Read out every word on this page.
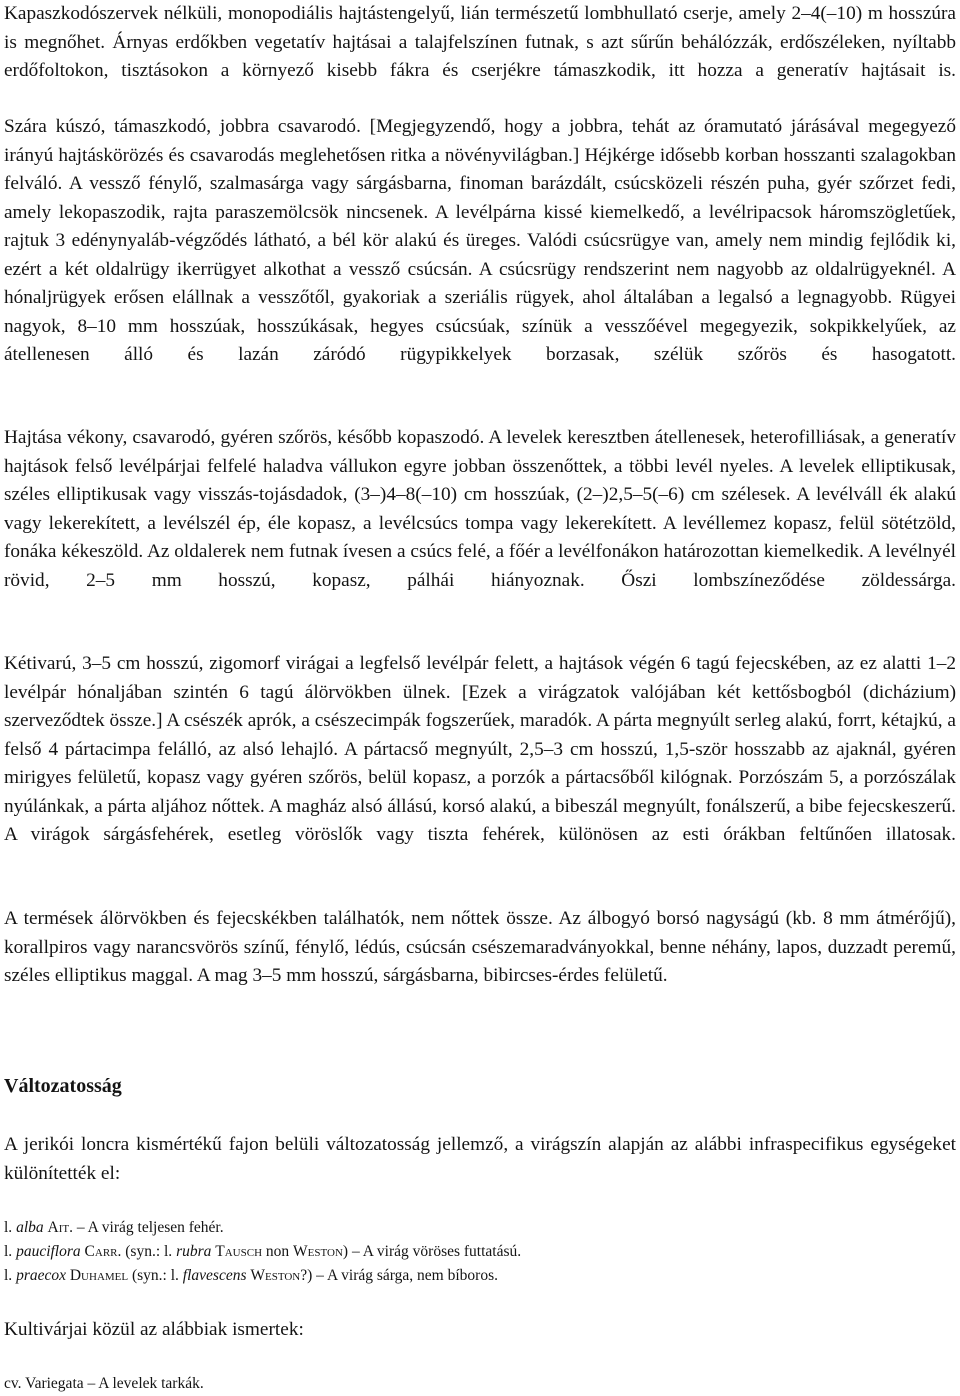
Kapaszkodószervek nélküli, monopodiális hajtástengelyű, lián természetű lombhullató cserje, amely 2–4(–10) m hosszúra is megnőhet. Árnyas erdőkben vegetatív hajtásai a talajfelszínen futnak, s azt sűrűn behálózzák, erdőszéleken, nyíltabb erdőfoltokon, tisztásokon a környező kisebb fákra és cserjékre támaszkodik, itt hozza a generatív hajtásait is.

Szára kúszó, támaszkodó, jobbra csavarodó. [Megjegyzendő, hogy a jobbra, tehát az óramutató járásával megegyező irányú hajtáskörözés és csavarodás meglehetősen ritka a növényvilágban.] Héjkérge idősebb korban hosszanti szalagokban felváló. A vessző fénylő, szalmasárga vagy sárgásbarna, finoman barázdált, csúcsközeli részén puha, gyér szőrzet fedi, amely lekopaszodik, rajta paraszemölcsök nincsenek. A levélpárna kissé kiemelkedő, a levélripacsok háromszögletűek, rajtuk 3 edénynyaláb-végződés látható, a bél kör alakú és üreges. Valódi csúcsrügye van, amely nem mindig fejlődik ki, ezért a két oldalrügy ikerrügyet alkothat a vessző csúcsán. A csúcsrügy rendszerint nem nagyobb az oldalrügyeknél. A hónaljrügyek erősen elállnak a vesszőtől, gyakoriak a szeriális rügyek, ahol általában a legalsó a legnagyobb. Rügyei nagyok, 8–10 mm hosszúak, hosszúkásak, hegyes csúcsúak, színük a vesszőével megegyezik, sokpikkelyűek, az átellenesen álló és lazán záródó rügypikkelyek borzasak, szélük szőrös és hasogatott.

Hajtása vékony, csavarodó, gyéren szőrös, később kopaszodó. A levelek keresztben átellenesek, heterofilliásak, a generatív hajtások felső levélpárjai felfelé haladva vállukon egyre jobban összenőttek, a többi levél nyeles. A levelek elliptikusak, széles elliptikusak vagy visszás-tojásdadok, (3–)4–8(–10) cm hosszúak, (2–)2,5–5(–6) cm szélesek. A levélváll ék alakú vagy lekerekített, a levélszél ép, éle kopasz, a levélcsúcs tompa vagy lekerekített. A levéllemez kopasz, felül sötétzöld, fonáka kékeszöld. Az oldalerek nem futnak ívesen a csúcs felé, a főér a levélfonákon határozottan kiemelkedik. A levélnyél rövid, 2–5 mm hosszú, kopasz, pálhái hiányoznak. Őszi lombszíneződése zöldessárga.

Kétivarú, 3–5 cm hosszú, zigomorf virágai a legfelső levélpár felett, a hajtások végén 6 tagú fejecskében, az ez alatti 1–2 levélpár hónaljában szintén 6 tagú álörvökben ülnek. [Ezek a virágzatok valójában két kettősbogból (dicházium) szerveződtek össze.] A csészék aprók, a csészecimpák fogszerűek, maradók. A párta megnyúlt serleg alakú, forrt, kétajkú, a felső 4 pártacimpa felálló, az alsó lehajló. A pártacső megnyúlt, 2,5–3 cm hosszú, 1,5-ször hosszabb az ajaknál, gyéren mirigyes felületű, kopasz vagy gyéren szőrös, belül kopasz, a porzók a pártacsőből kilógnak. Porzószám 5, a porzószálak nyúlánkak, a párta aljához nőttek. A magház alsó állású, korsó alakú, a bibeszál megnyúlt, fonálszerű, a bibe fejecskeszerű. A virágok sárgásfehérek, esetleg vöröslők vagy tiszta fehérek, különösen az esti órákban feltűnően illatosak.

A termések álörvökben és fejecskékben találhatók, nem nőttek össze. Az álbogyó borsó nagyságú (kb. 8 mm átmérőjű), korallpiros vagy narancsvörös színű, fénylő, lédús, csúcsán csészemaradványokkal, benne néhány, lapos, duzzadt peremű, széles elliptikus maggal. A mag 3–5 mm hosszú, sárgásbarna, bibircses-érdes felületű.

Változatosság

A jerikói loncra kismértékű fajon belüli változatosság jellemző, a virágszín alapján az alábbi infraspecifikus egységeket különítették el:

l. alba Ait. – A virág teljesen fehér.

l. pauciflora Carr. (syn.: l. rubra Tausch non Weston) – A virág vöröses futtatású.

l. praecox Duhamel (syn.: l. flavescens Weston?) – A virág sárga, nem bíboros.

Kultivárjai közül az alábbiak ismertek:

cv. Variegata – A levelek tarkák.
